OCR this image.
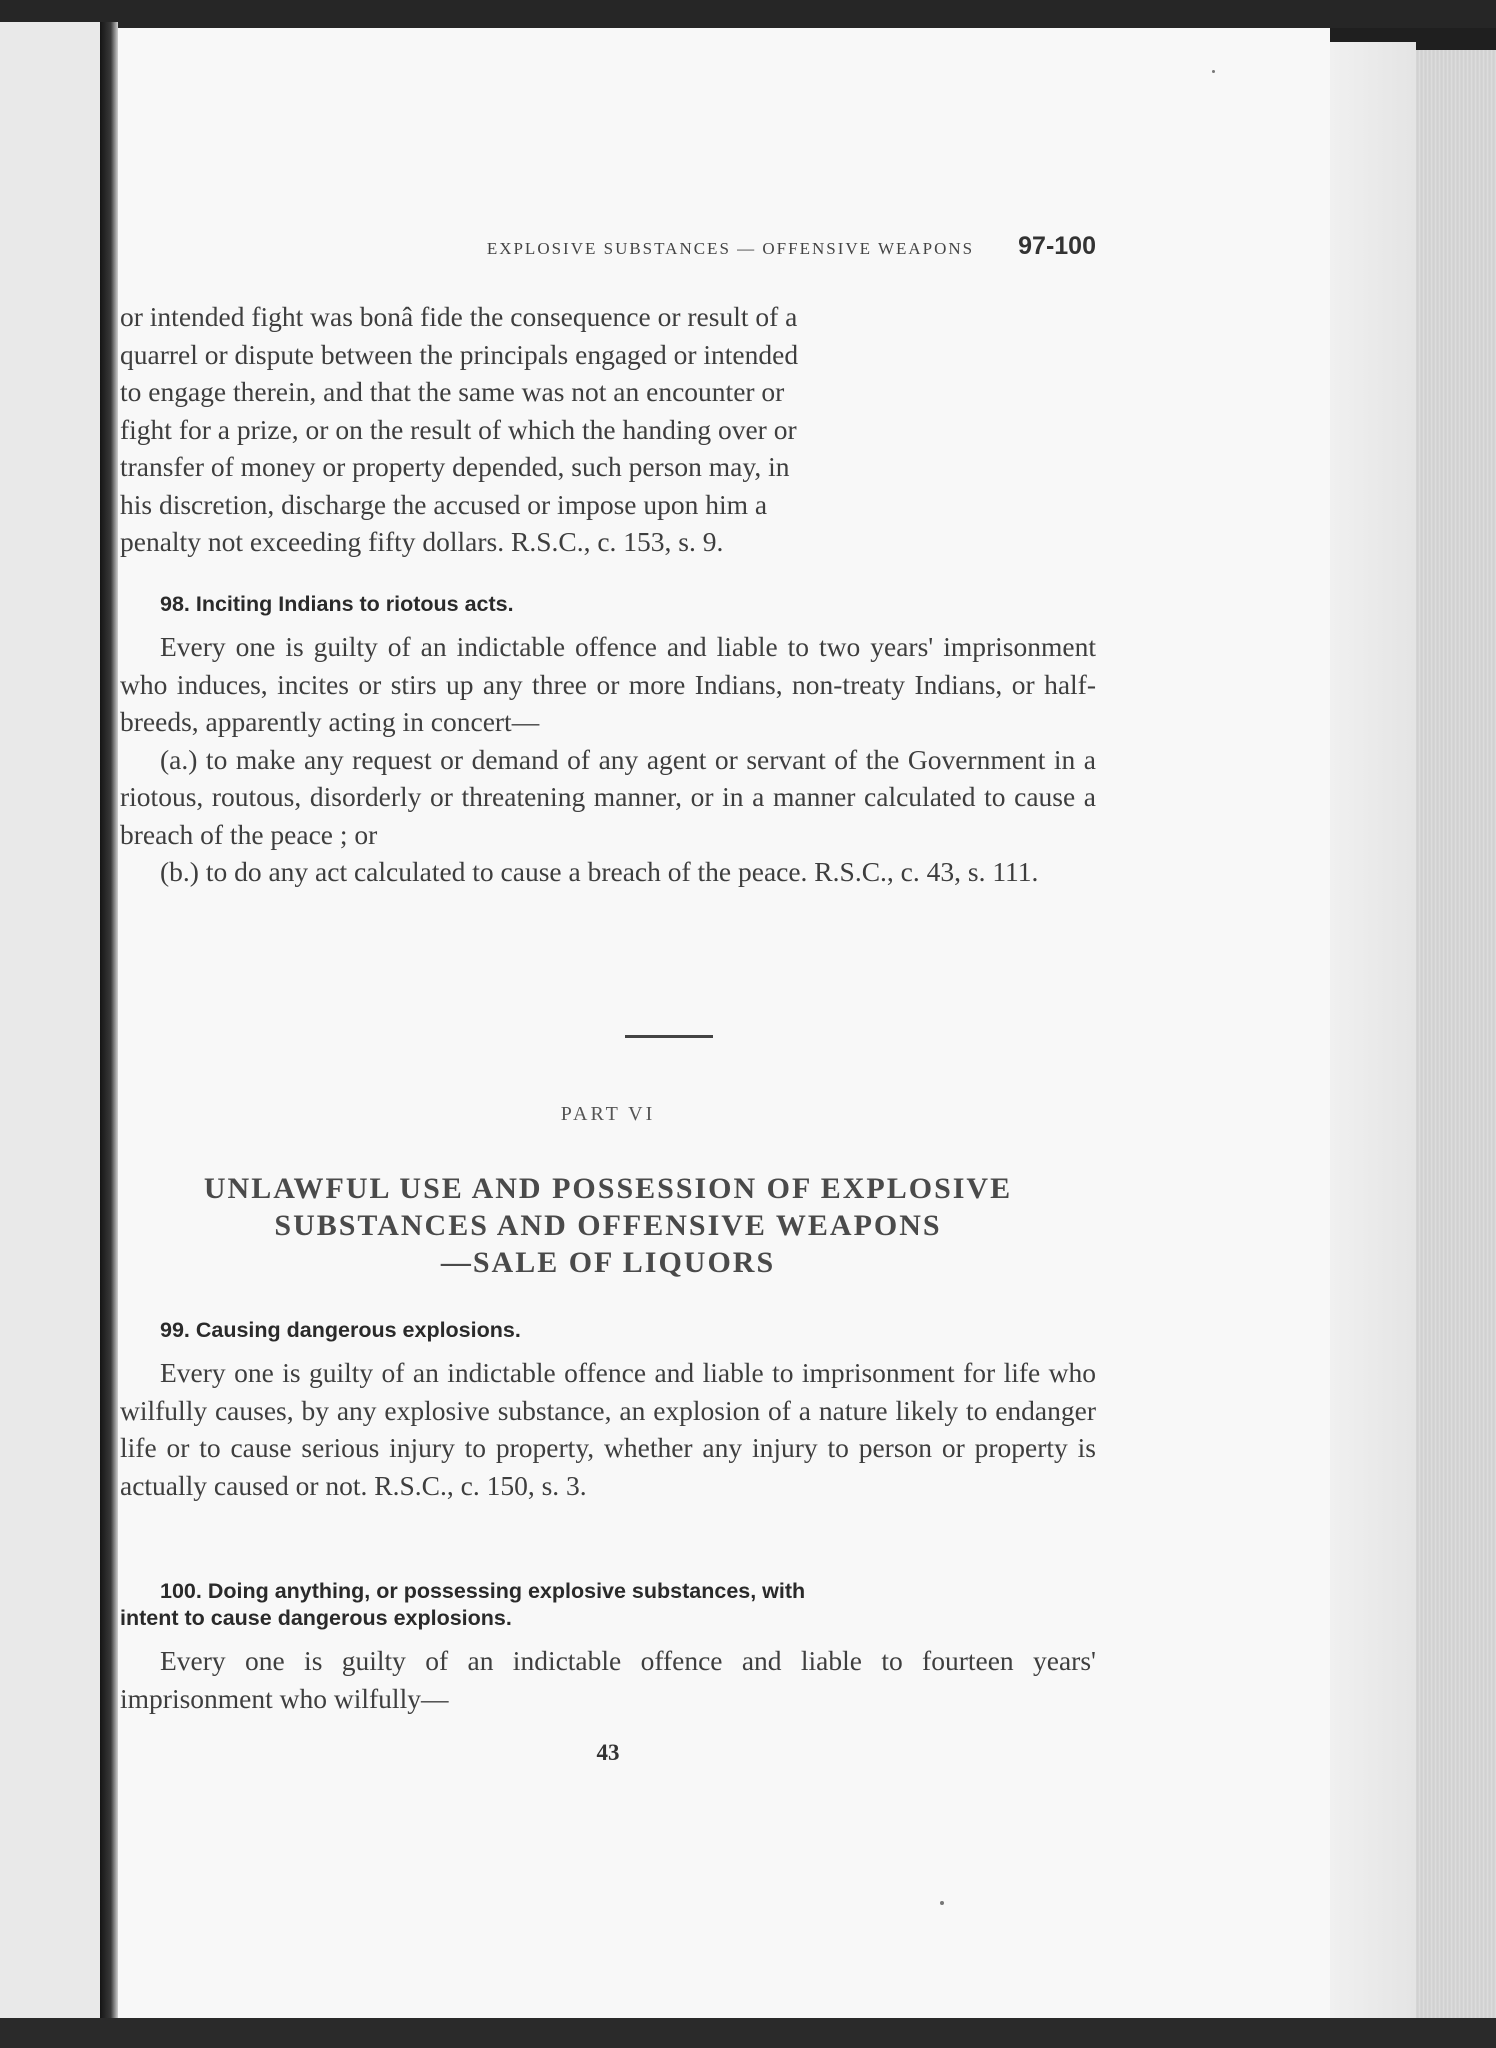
EXPLOSIVE SUBSTANCES — OFFENSIVE WEAPONS 97-100

or intended fight was bonâ fide the consequence or result of a

quarrel or dispute between the principals engaged or intended

to engage therein, and that the same was not an encounter or

fight for a prize, or on the result of which the handing over or

transfer of money or property depended, such person may, in

his discretion, discharge the accused or impose upon him a

penalty not exceeding fifty dollars. R.S.C., c. 153, s. 9.

98. Inciting Indians to riotous acts.

Every one is guilty of an indictable offence and liable to two years' imprisonment who induces, incites or stirs up any three or more Indians, non-treaty Indians, or half-breeds, apparently acting in concert—

(a.) to make any request or demand of any agent or servant of the Government in a riotous, routous, disorderly or threatening manner, or in a manner calculated to cause a breach of the peace ; or

(b.) to do any act calculated to cause a breach of the peace. R.S.C., c. 43, s. 111.

PART VI
UNLAWFUL USE AND POSSESSION OF EXPLOSIVE
SUBSTANCES AND OFFENSIVE WEAPONS
—SALE OF LIQUORS

99. Causing dangerous explosions.

Every one is guilty of an indictable offence and liable to imprisonment for life who wilfully causes, by any explosive substance, an explosion of a nature likely to endanger life or to cause serious injury to property, whether any injury to person or property is actually caused or not. R.S.C., c. 150, s. 3.

100. Doing anything, or possessing explosive substances, with
intent to cause dangerous explosions.

Every one is guilty of an indictable offence and liable to fourteen years' imprisonment who wilfully—

43
